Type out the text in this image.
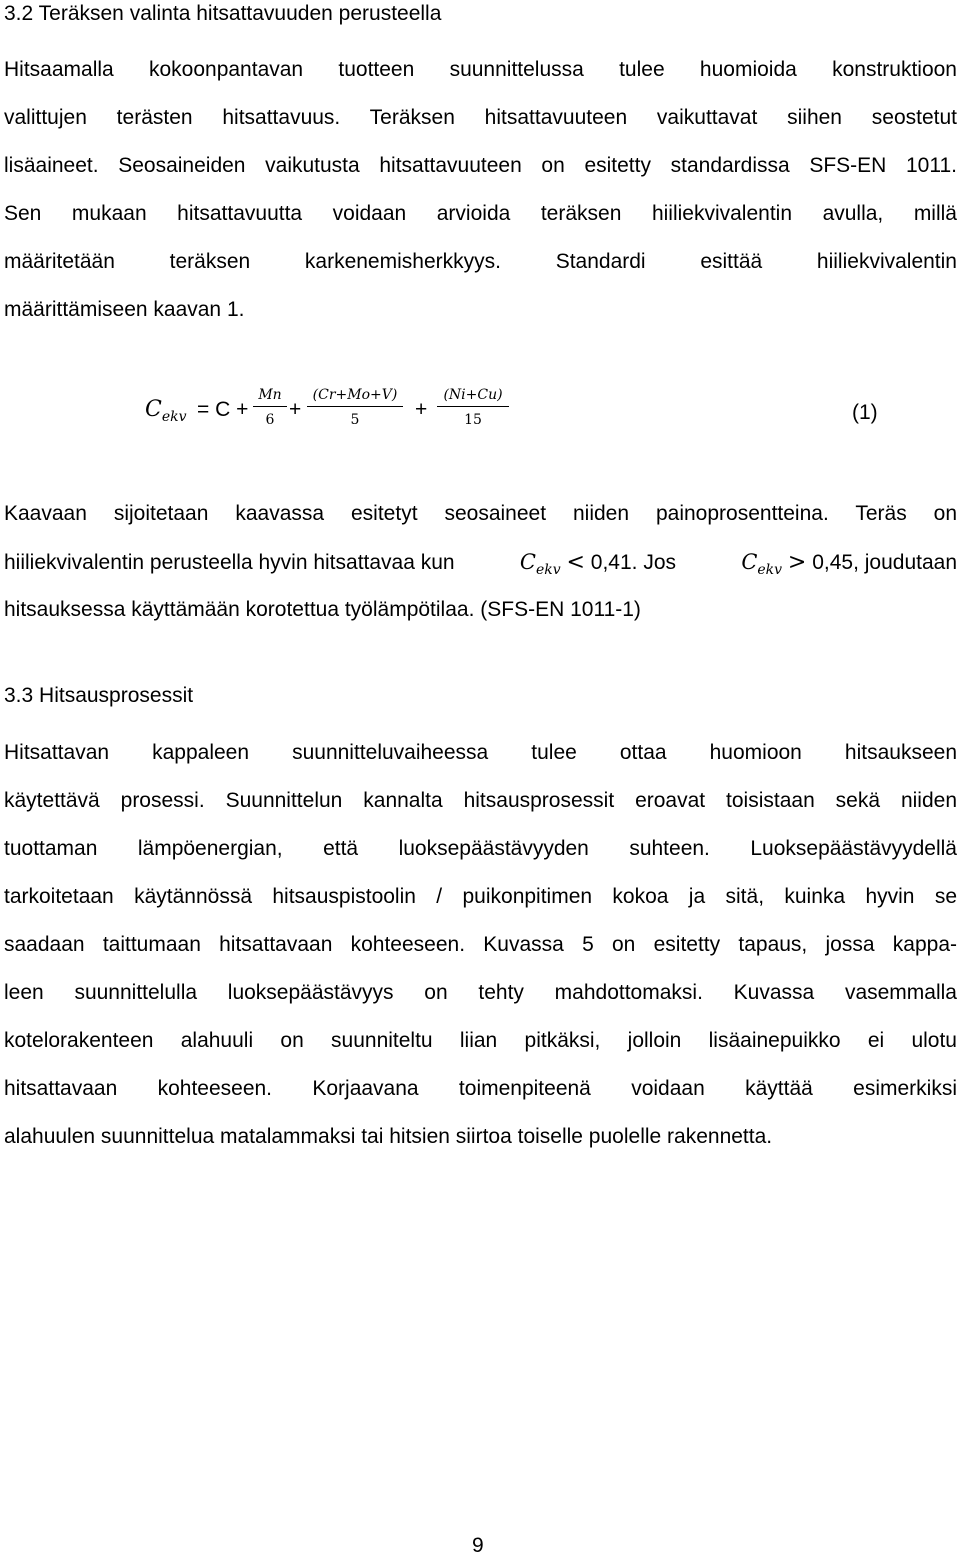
3.2 Teräksen valinta hitsattavuuden perusteella
Hitsaamalla kokoonpantavan tuotteen suunnittelussa tulee huomioida konstruktioon
valittujen terästen hitsattavuus. Teräksen hitsattavuuteen vaikuttavat siihen seostetut
lisäaineet. Seosaineiden vaikutusta hitsattavuuteen on esitetty standardissa SFS-EN 1011.
Sen mukaan hitsattavuutta voidaan arvioida teräksen hiiliekvivalentin avulla, millä
määritetään teräksen karkenemisherkkyys. Standardi esittää hiiliekvivalentin
määrittämiseen kaavan 1.
$C_{ekv} = C$ +
Mn
6 +
(Cr+Mo+V)
5	+
(Ni+Cu)
15	(1)
Kaavaan sijoitetaan kaavassa esitetyt seosaineet niiden painoprosentteina. Teräs on
hiiliekvivalentin perusteella hyvin hitsattavaa kun	$C_{ekv} < 0,41$. Jos	$C_{ekv} > 0,45$, joudutaan
hitsauksessa käyttämään korotettua työlämpötilaa. (SFS-EN 1011-1)
3.3 Hitsausprosessit
Hitsattavan kappaleen suunnitteluvaiheessa tulee ottaa huomioon hitsaukseen
käytettävä prosessi. Suunnittelun kannalta hitsausprosessit eroavat toisistaan sekä niiden
tuottaman lämpöenergian, että luoksepäästävyyden suhteen. Luoksepäästävyydellä
tarkoitetaan käytännössä hitsauspistoolin / puikonpitimen kokoa ja sitä, kuinka hyvin se
saadaan taittumaan hitsattavaan kohteeseen. Kuvassa 5 on esitetty tapaus, jossa kappa-
leen suunnittelulla luoksepäästävyys on tehty mahdottomaksi. Kuvassa vasemmalla
kotelorakenteen alahuuli on suunniteltu liian pitkäksi, jolloin lisäainepuikko ei ulotu
hitsattavaan kohteeseen. Korjaavana toimenpiteenä voidaan käyttää esimerkiksi
alahuulen suunnittelua matalammaksi tai hitsien siirtoa toiselle puolelle rakennetta.
9
